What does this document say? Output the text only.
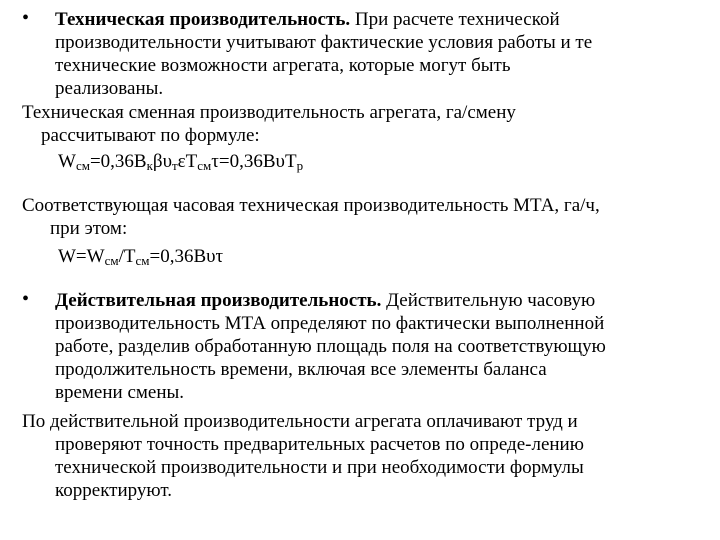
• Техническая производительность. При расчете технической
производительности учитывают фактические условия работы и те
технические возможности агрегата, которые могут быть
реализованы.
Техническая сменная производительность агрегата, га/смену
рассчитывают по формуле:
$W_{см}=0,36В_к\beta\upsilon_т\varepsilon Т_{см}\tau=0,36В\upsilon Т_р$
Соответствующая часовая техническая производительность МТА, га/ч,
при этом:
$W=W_{см}/Т_{см}=0,36В\upsilon\tau$
• Действительная производительность. Действительную часовую
производительность МТА определяют по фактически выполненной
работе, разделив обработанную площадь поля на соответствующую
продолжительность времени, включая все элементы баланса
времени смены.
По действительной производительности агрегата оплачивают труд и
проверяют точность предварительных расчетов по опреде-лению
технической производительности и при необходимости формулы
корректируют.
